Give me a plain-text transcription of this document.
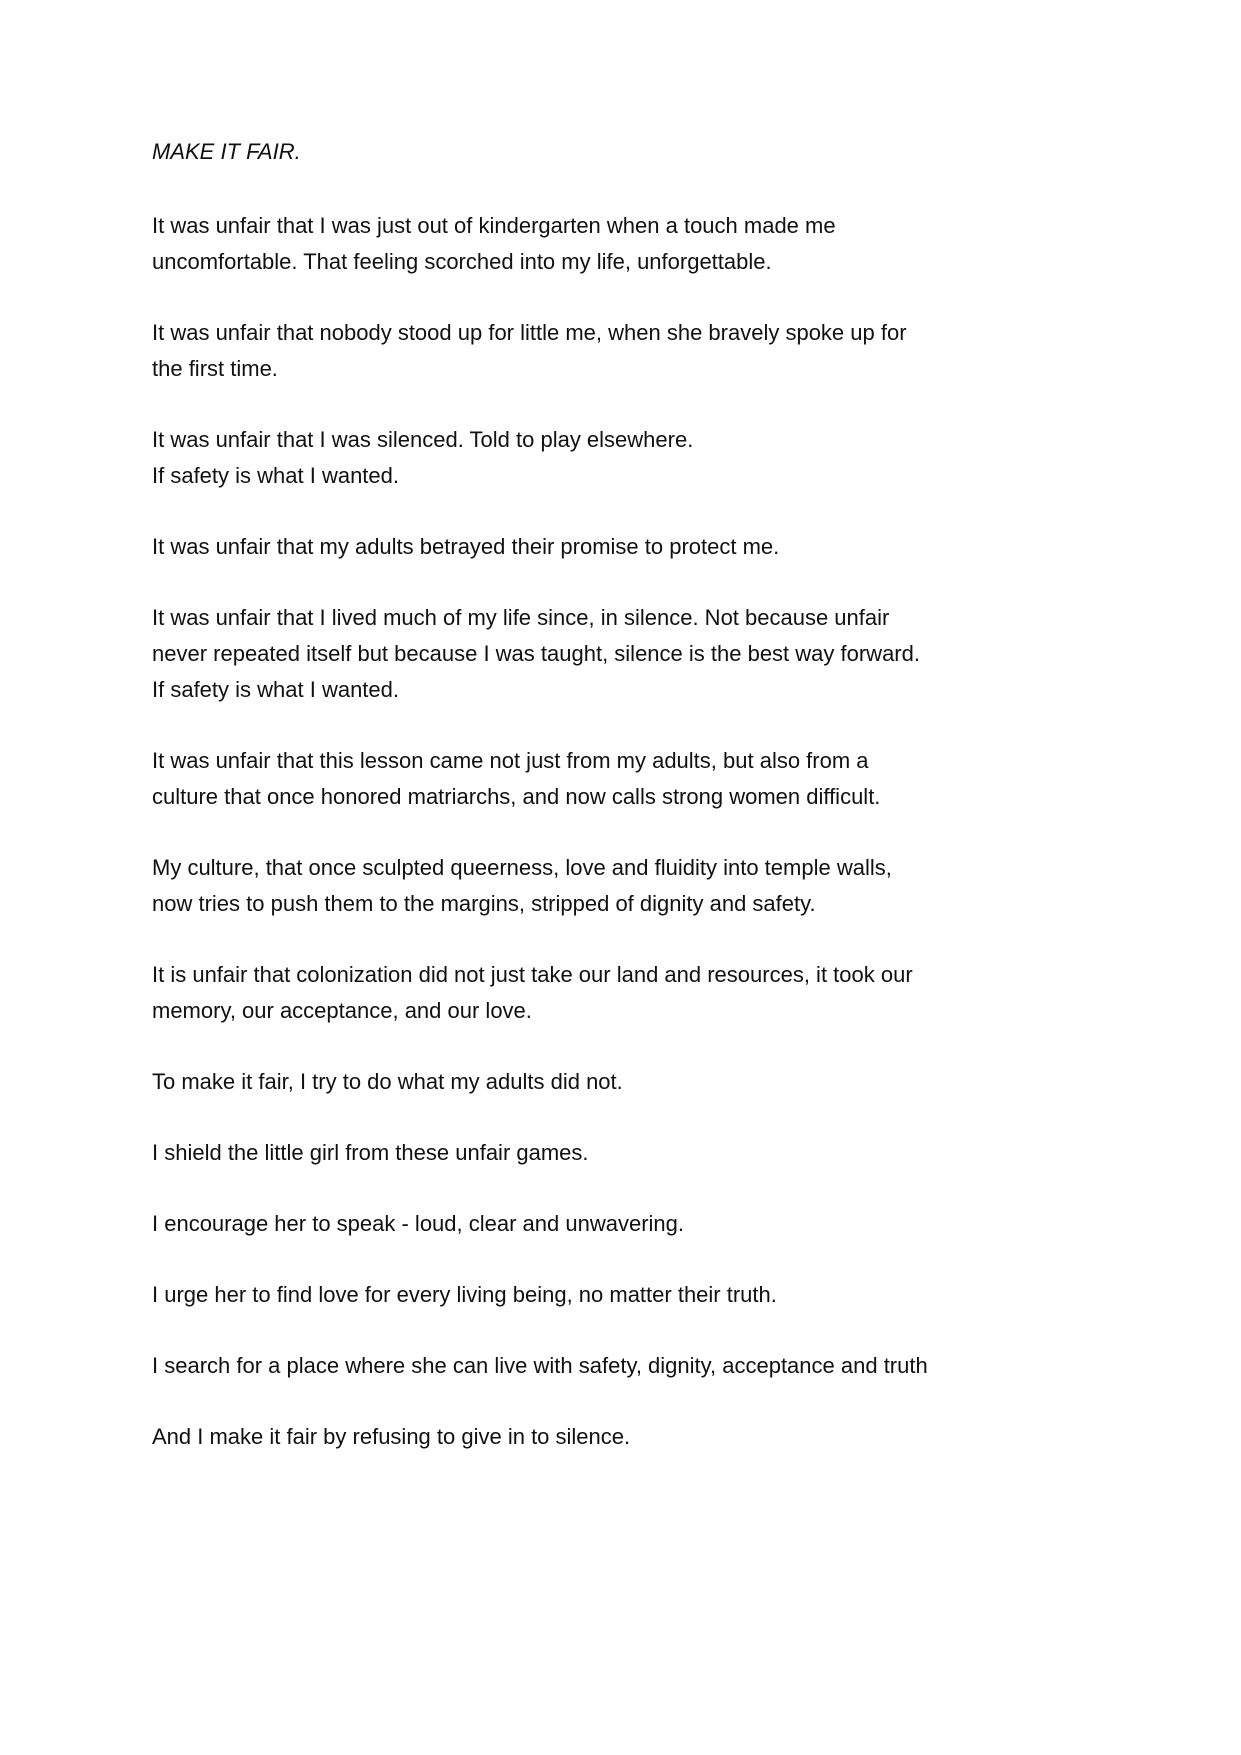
MAKE IT FAIR.
It was unfair that I was just out of kindergarten when a touch made me
uncomfortable. That feeling scorched into my life, unforgettable.
It was unfair that nobody stood up for little me, when she bravely spoke up for
the first time.
It was unfair that I was silenced. Told to play elsewhere.
If safety is what I wanted.
It was unfair that my adults betrayed their promise to protect me.
It was unfair that I lived much of my life since, in silence. Not because unfair
never repeated itself but because I was taught, silence is the best way forward.
If safety is what I wanted.
It was unfair that this lesson came not just from my adults, but also from a
culture that once honored matriarchs, and now calls strong women difficult.
My culture, that once sculpted queerness, love and fluidity into temple walls,
now tries to push them to the margins, stripped of dignity and safety.
It is unfair that colonization did not just take our land and resources, it took our
memory, our acceptance, and our love.
To make it fair, I try to do what my adults did not.
I shield the little girl from these unfair games.
I encourage her to speak - loud, clear and unwavering.
I urge her to find love for every living being, no matter their truth.
I search for a place where she can live with safety, dignity, acceptance and truth
And I make it fair by refusing to give in to silence.
